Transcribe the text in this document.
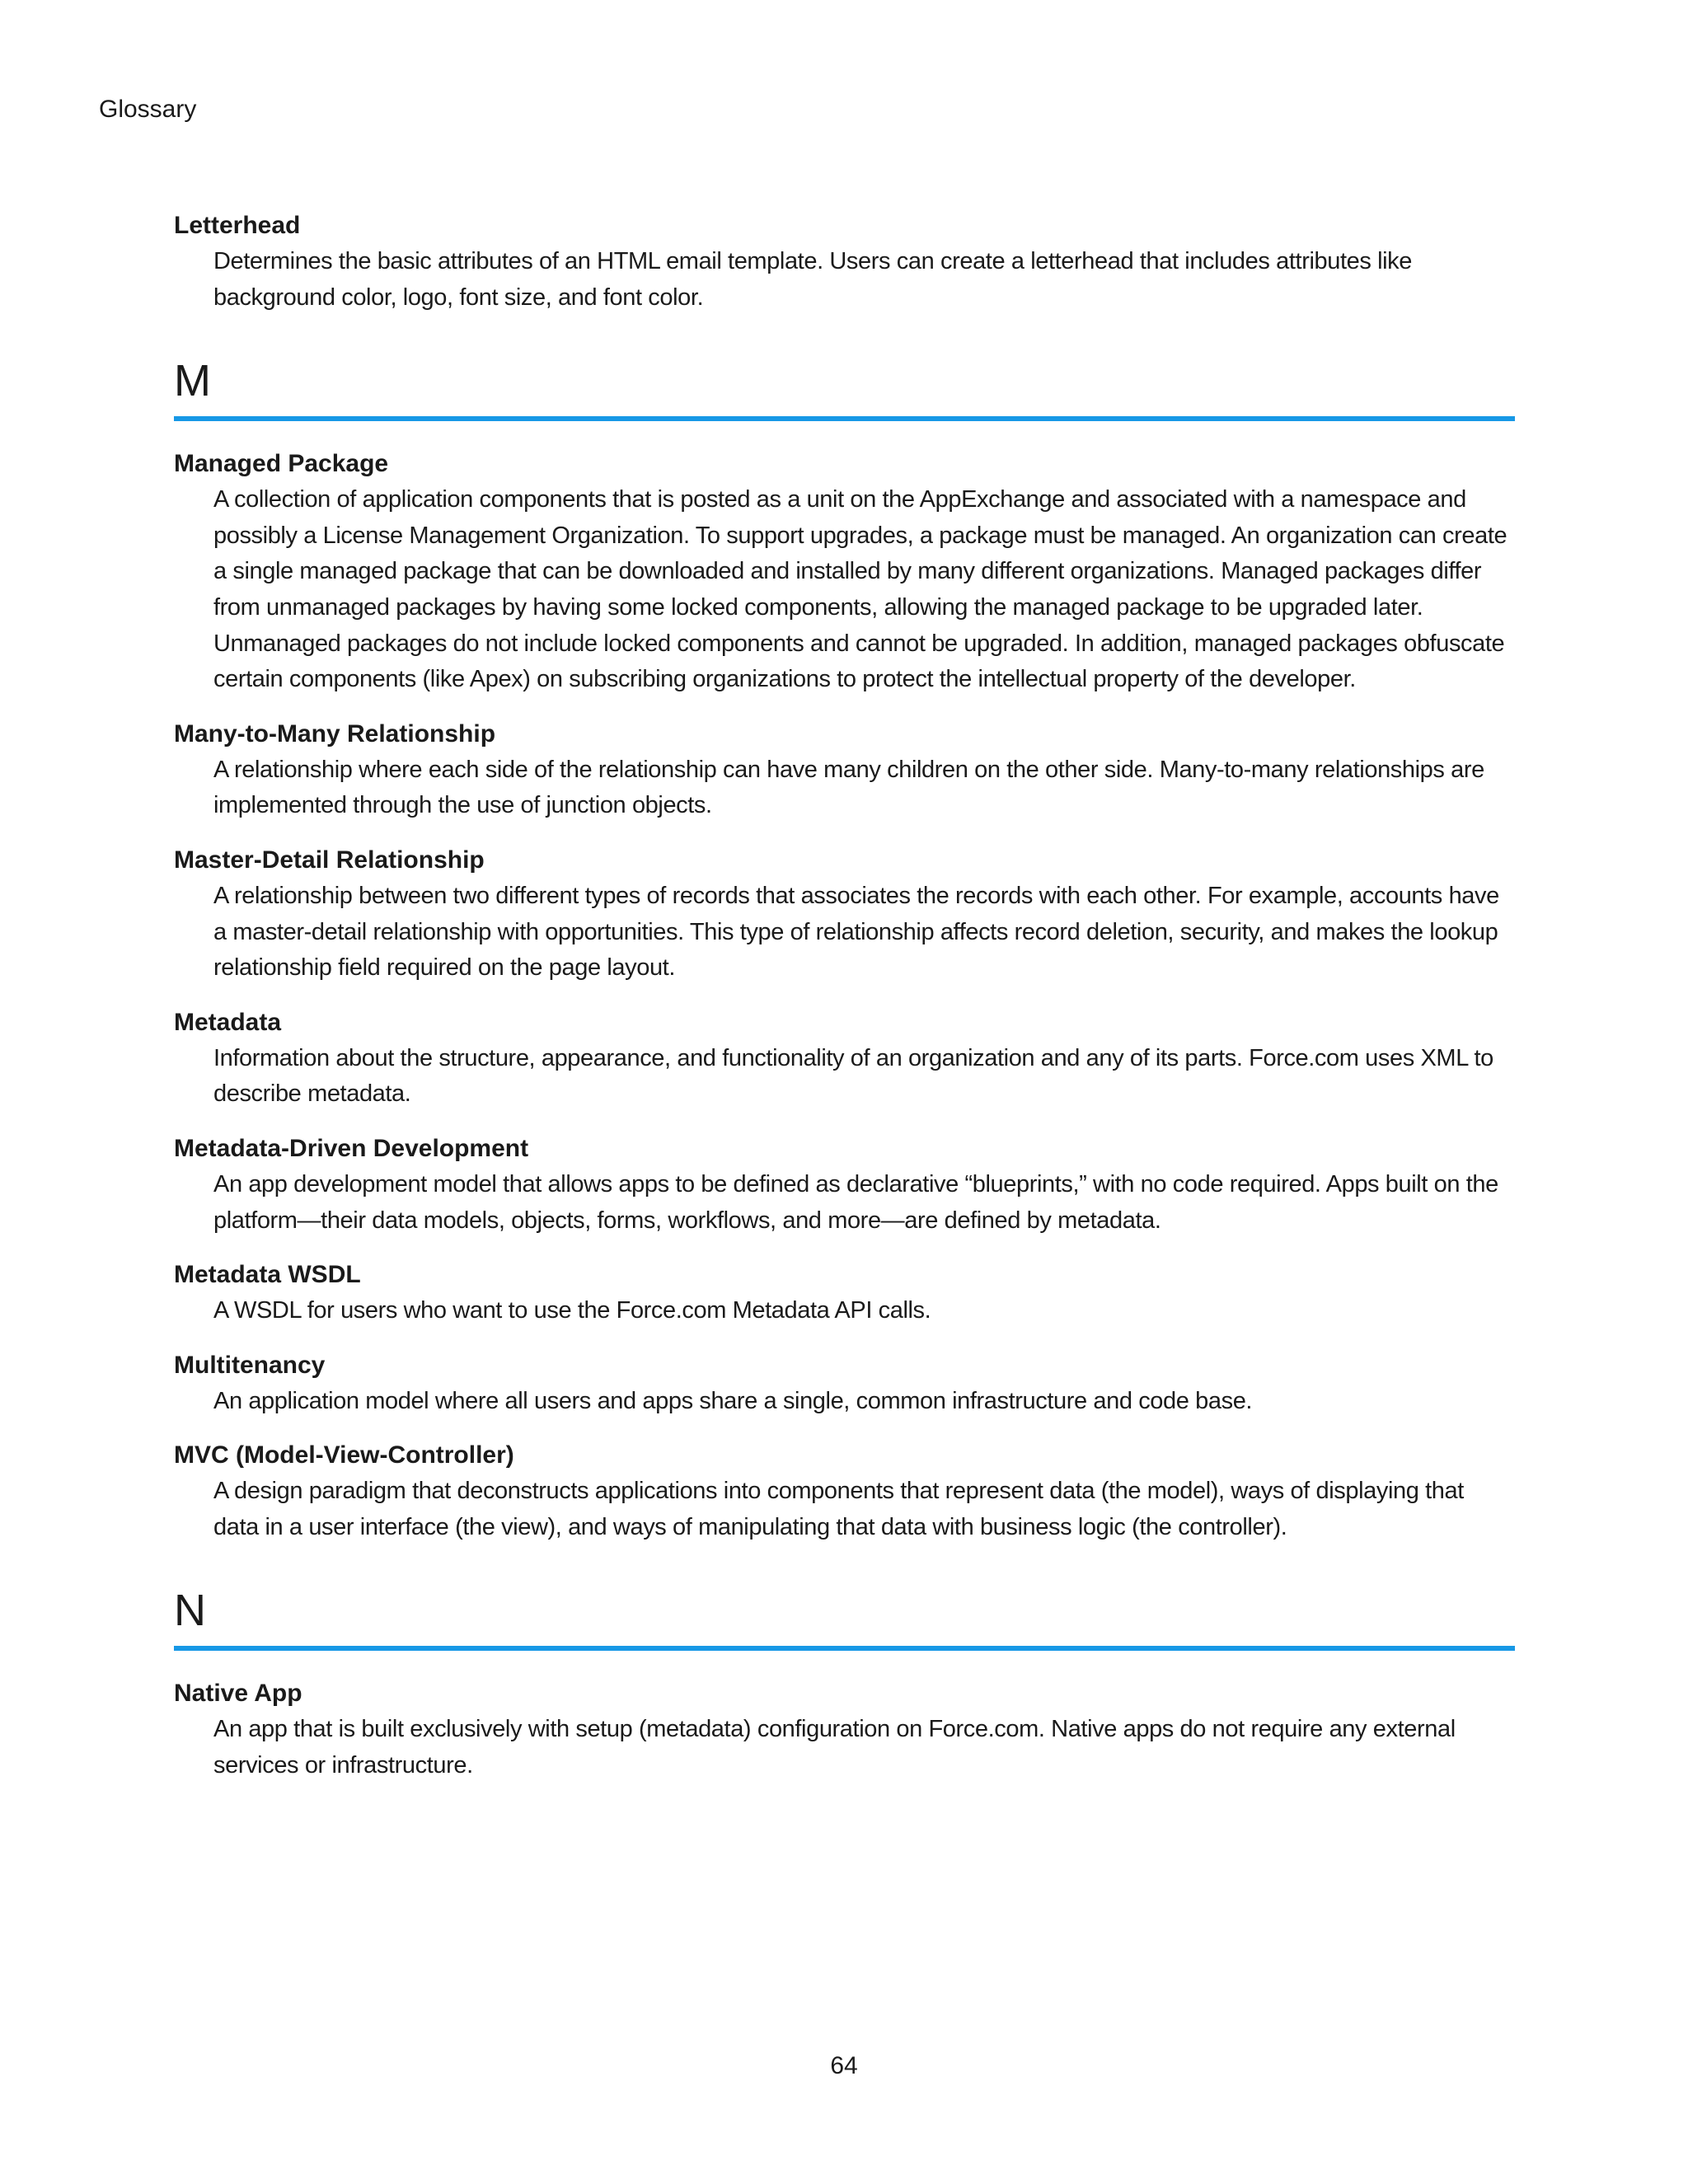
Glossary

Letterhead

Determines the basic attributes of an HTML email template. Users can create a letterhead that includes attributes like background color, logo, font size, and font color.

M

Managed Package

A collection of application components that is posted as a unit on the AppExchange and associated with a namespace and possibly a License Management Organization. To support upgrades, a package must be managed. An organization can create a single managed package that can be downloaded and installed by many different organizations. Managed packages differ from unmanaged packages by having some locked components, allowing the managed package to be upgraded later. Unmanaged packages do not include locked components and cannot be upgraded. In addition, managed packages obfuscate certain components (like Apex) on subscribing organizations to protect the intellectual property of the developer.

Many-to-Many Relationship

A relationship where each side of the relationship can have many children on the other side. Many-to-many relationships are implemented through the use of junction objects.

Master-Detail Relationship

A relationship between two different types of records that associates the records with each other. For example, accounts have a master-detail relationship with opportunities. This type of relationship affects record deletion, security, and makes the lookup relationship field required on the page layout.

Metadata

Information about the structure, appearance, and functionality of an organization and any of its parts. Force.com uses XML to describe metadata.

Metadata-Driven Development

An app development model that allows apps to be defined as declarative “blueprints,” with no code required. Apps built on the platform—their data models, objects, forms, workflows, and more—are defined by metadata.

Metadata WSDL

A WSDL for users who want to use the Force.com Metadata API calls.

Multitenancy

An application model where all users and apps share a single, common infrastructure and code base.

MVC (Model-View-Controller)

A design paradigm that deconstructs applications into components that represent data (the model), ways of displaying that data in a user interface (the view), and ways of manipulating that data with business logic (the controller).

N

Native App

An app that is built exclusively with setup (metadata) configuration on Force.com. Native apps do not require any external services or infrastructure.

64
